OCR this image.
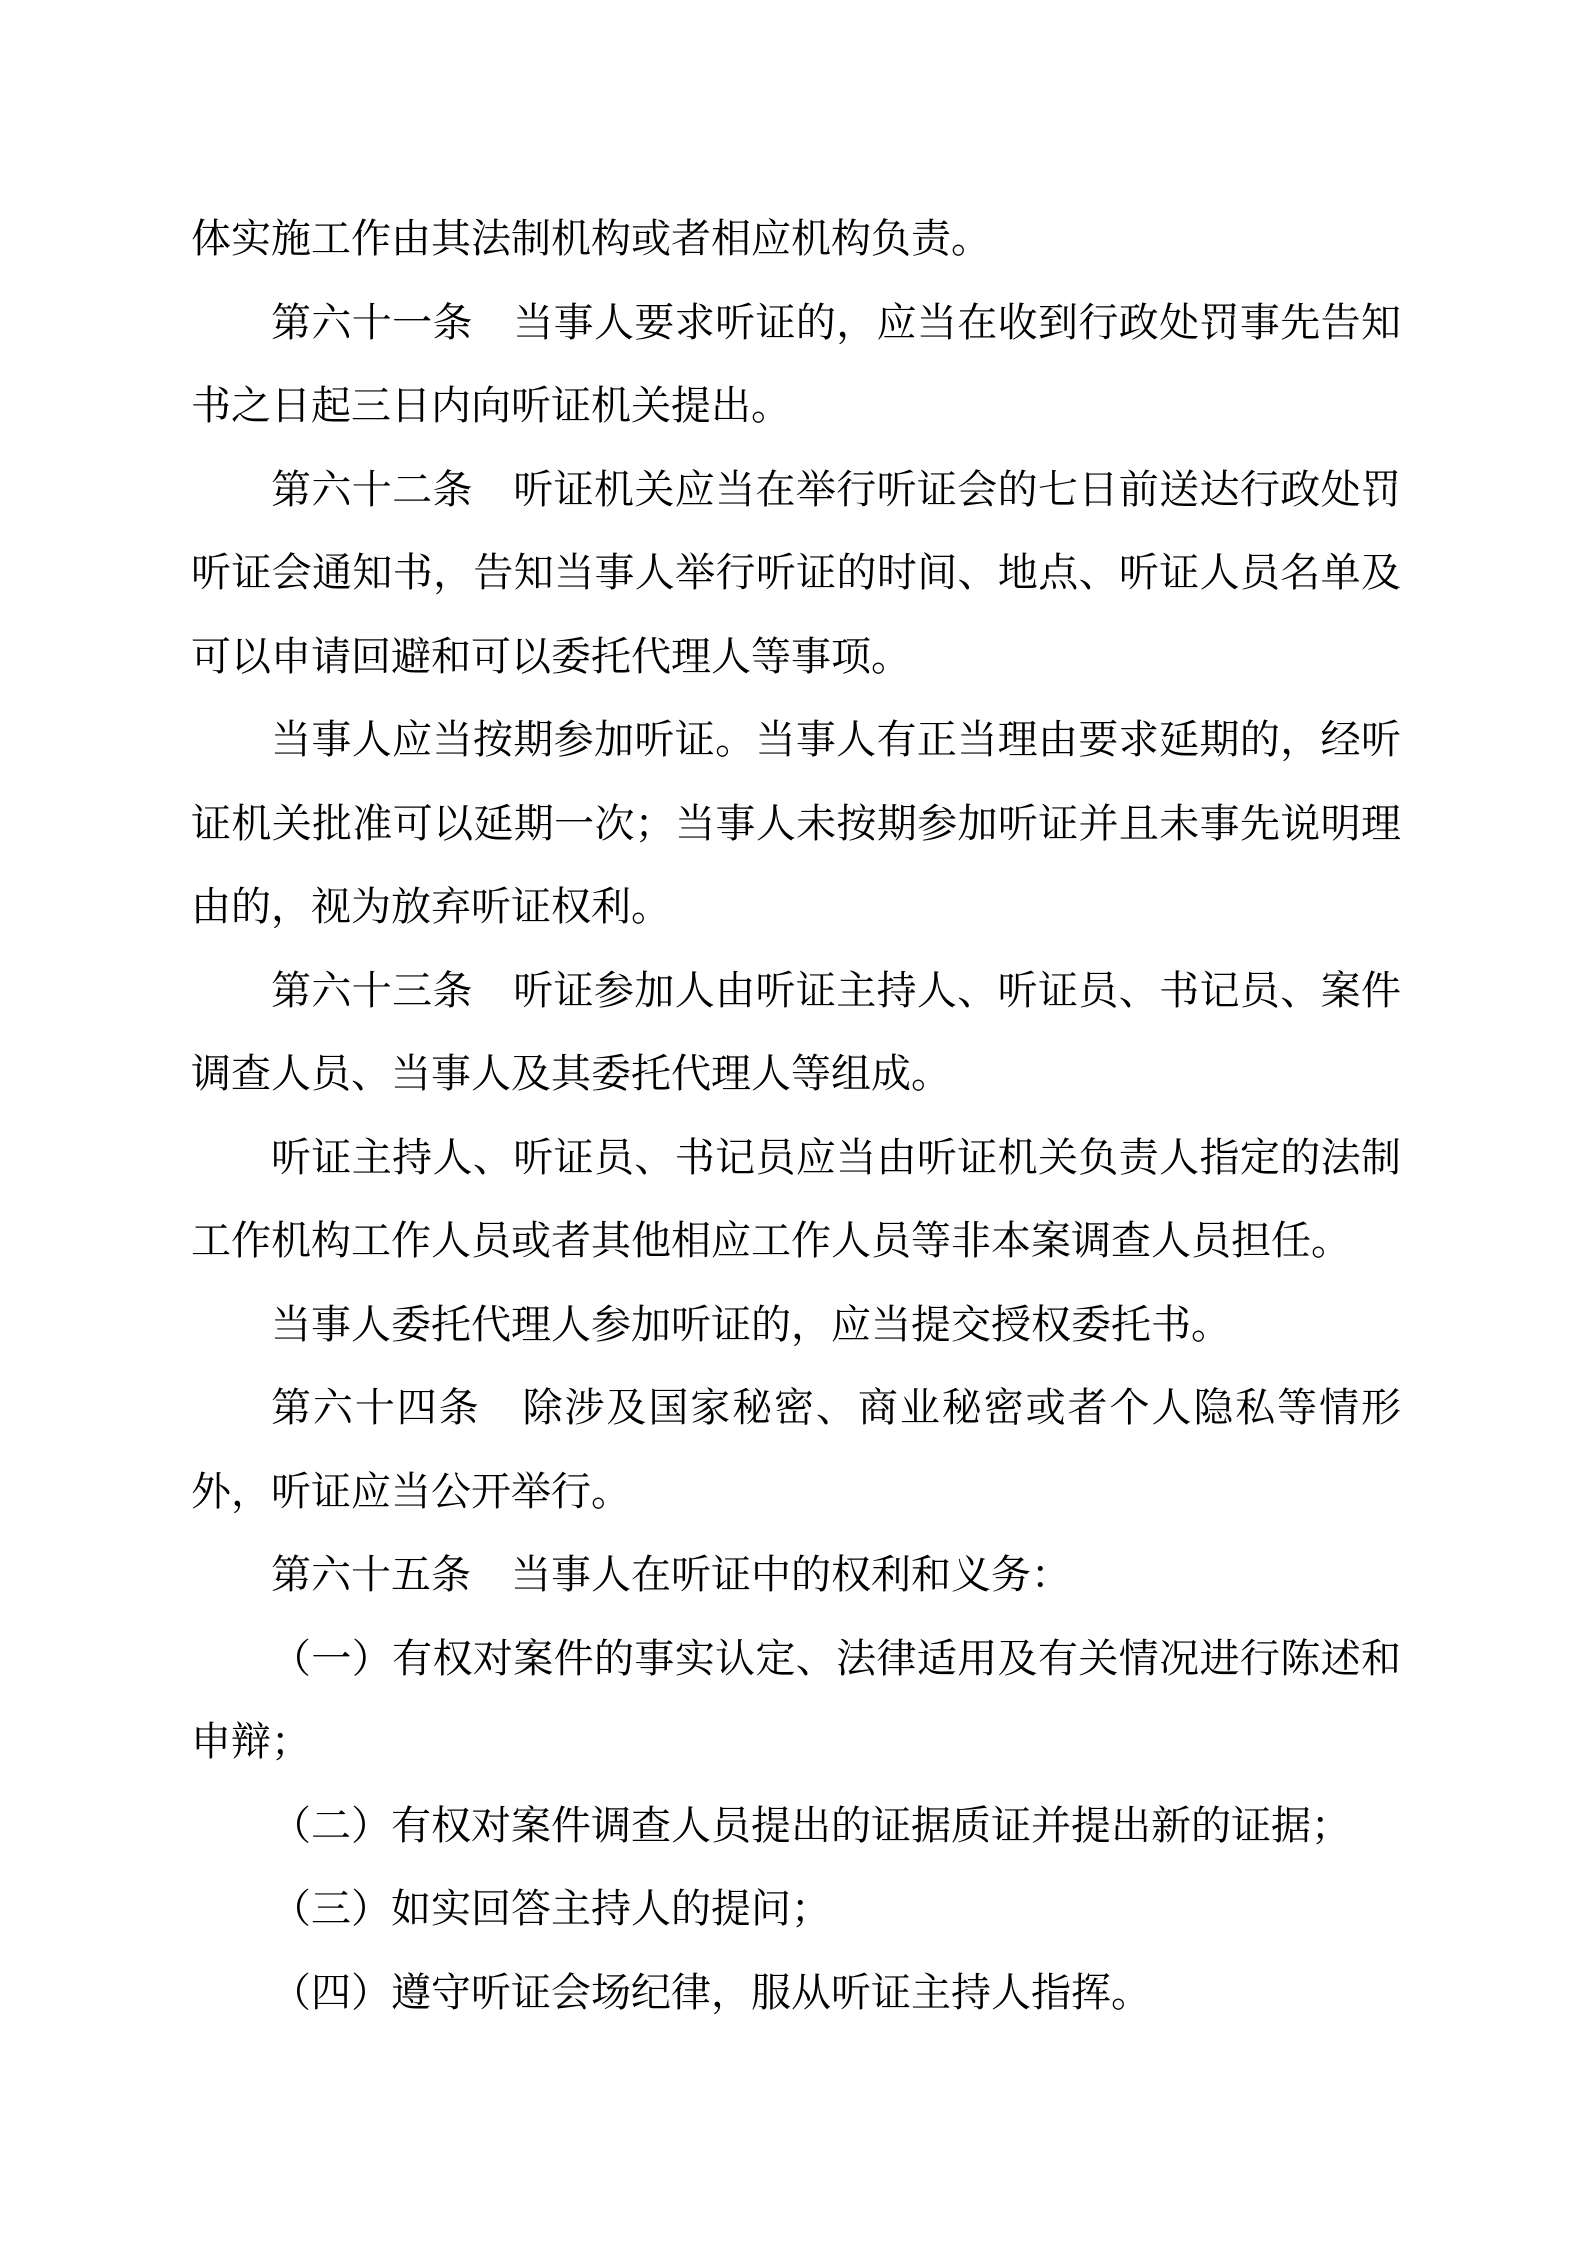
体实施工作由其法制机构或者相应机构负责。

第六十一条 当事人要求听证的，应当在收到行政处罚事先告知书之日起三日内向听证机关提出。

第六十二条 听证机关应当在举行听证会的七日前送达行政处罚听证会通知书，告知当事人举行听证的时间、地点、听证人员名单及可以申请回避和可以委托代理人等事项。

当事人应当按期参加听证。当事人有正当理由要求延期的，经听证机关批准可以延期一次；当事人未按期参加听证并且未事先说明理由的，视为放弃听证权利。

第六十三条 听证参加人由听证主持人、听证员、书记员、案件调查人员、当事人及其委托代理人等组成。

听证主持人、听证员、书记员应当由听证机关负责人指定的法制工作机构工作人员或者其他相应工作人员等非本案调查人员担任。

当事人委托代理人参加听证的，应当提交授权委托书。

第六十四条 除涉及国家秘密、商业秘密或者个人隐私等情形外，听证应当公开举行。

第六十五条 当事人在听证中的权利和义务：

（一）有权对案件的事实认定、法律适用及有关情况进行陈述和申辩；

（二）有权对案件调查人员提出的证据质证并提出新的证据；

（三）如实回答主持人的提问；

（四）遵守听证会场纪律，服从听证主持人指挥。
